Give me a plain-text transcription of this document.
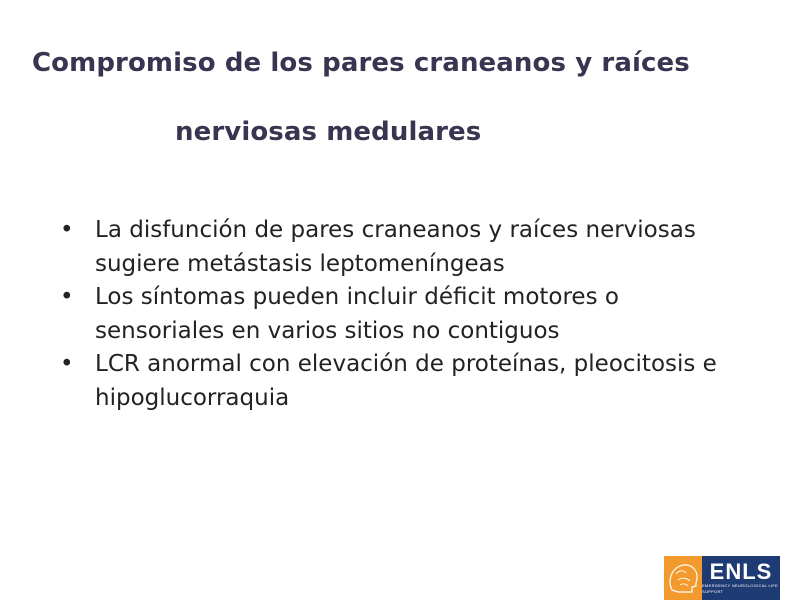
Compromiso de los pares craneanos y raíces
nerviosas medulares
• La disfunción de pares craneanos y raíces nerviosas sugiere metástasis leptomeníngeas
• Los síntomas pueden incluir déficit motores o sensoriales en varios sitios no contiguos
• LCR anormal con elevación de proteínas, pleocitosis e hipoglucorraquia
ENLS
EMERGENCY NEUROLOGICAL LIFE SUPPORT
